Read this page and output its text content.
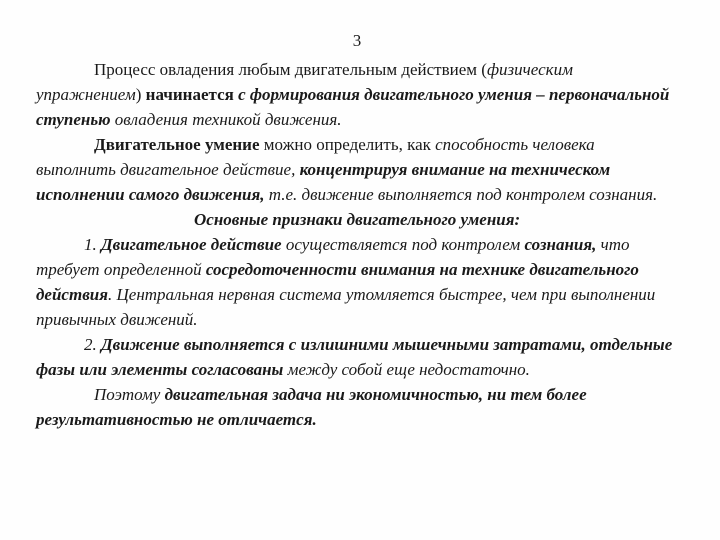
3

Процесс овладения любым двигательным действием (физическим упражнением) начинается с формирования двигательного умения – первоначальной ступенью овладения техникой движения.

Двигательное умение можно определить, как способность человека выполнить двигательное действие, концентрируя внимание на техническом исполнении самого движения, т.е. движение выполняется под контролем сознания.

Основные признаки двигательного умения:

1. Двигательное действие осуществляется под контролем сознания, что требует определенной сосредоточенности внимания на технике двигательного действия. Центральная нервная система утомляется быстрее, чем при выполнении привычных движений.

2. Движение выполняется с излишними мышечными затратами, отдельные фазы или элементы согласованы между собой еще недостаточно.

Поэтому двигательная задача ни экономичностью, ни тем более результативностью не отличается.
